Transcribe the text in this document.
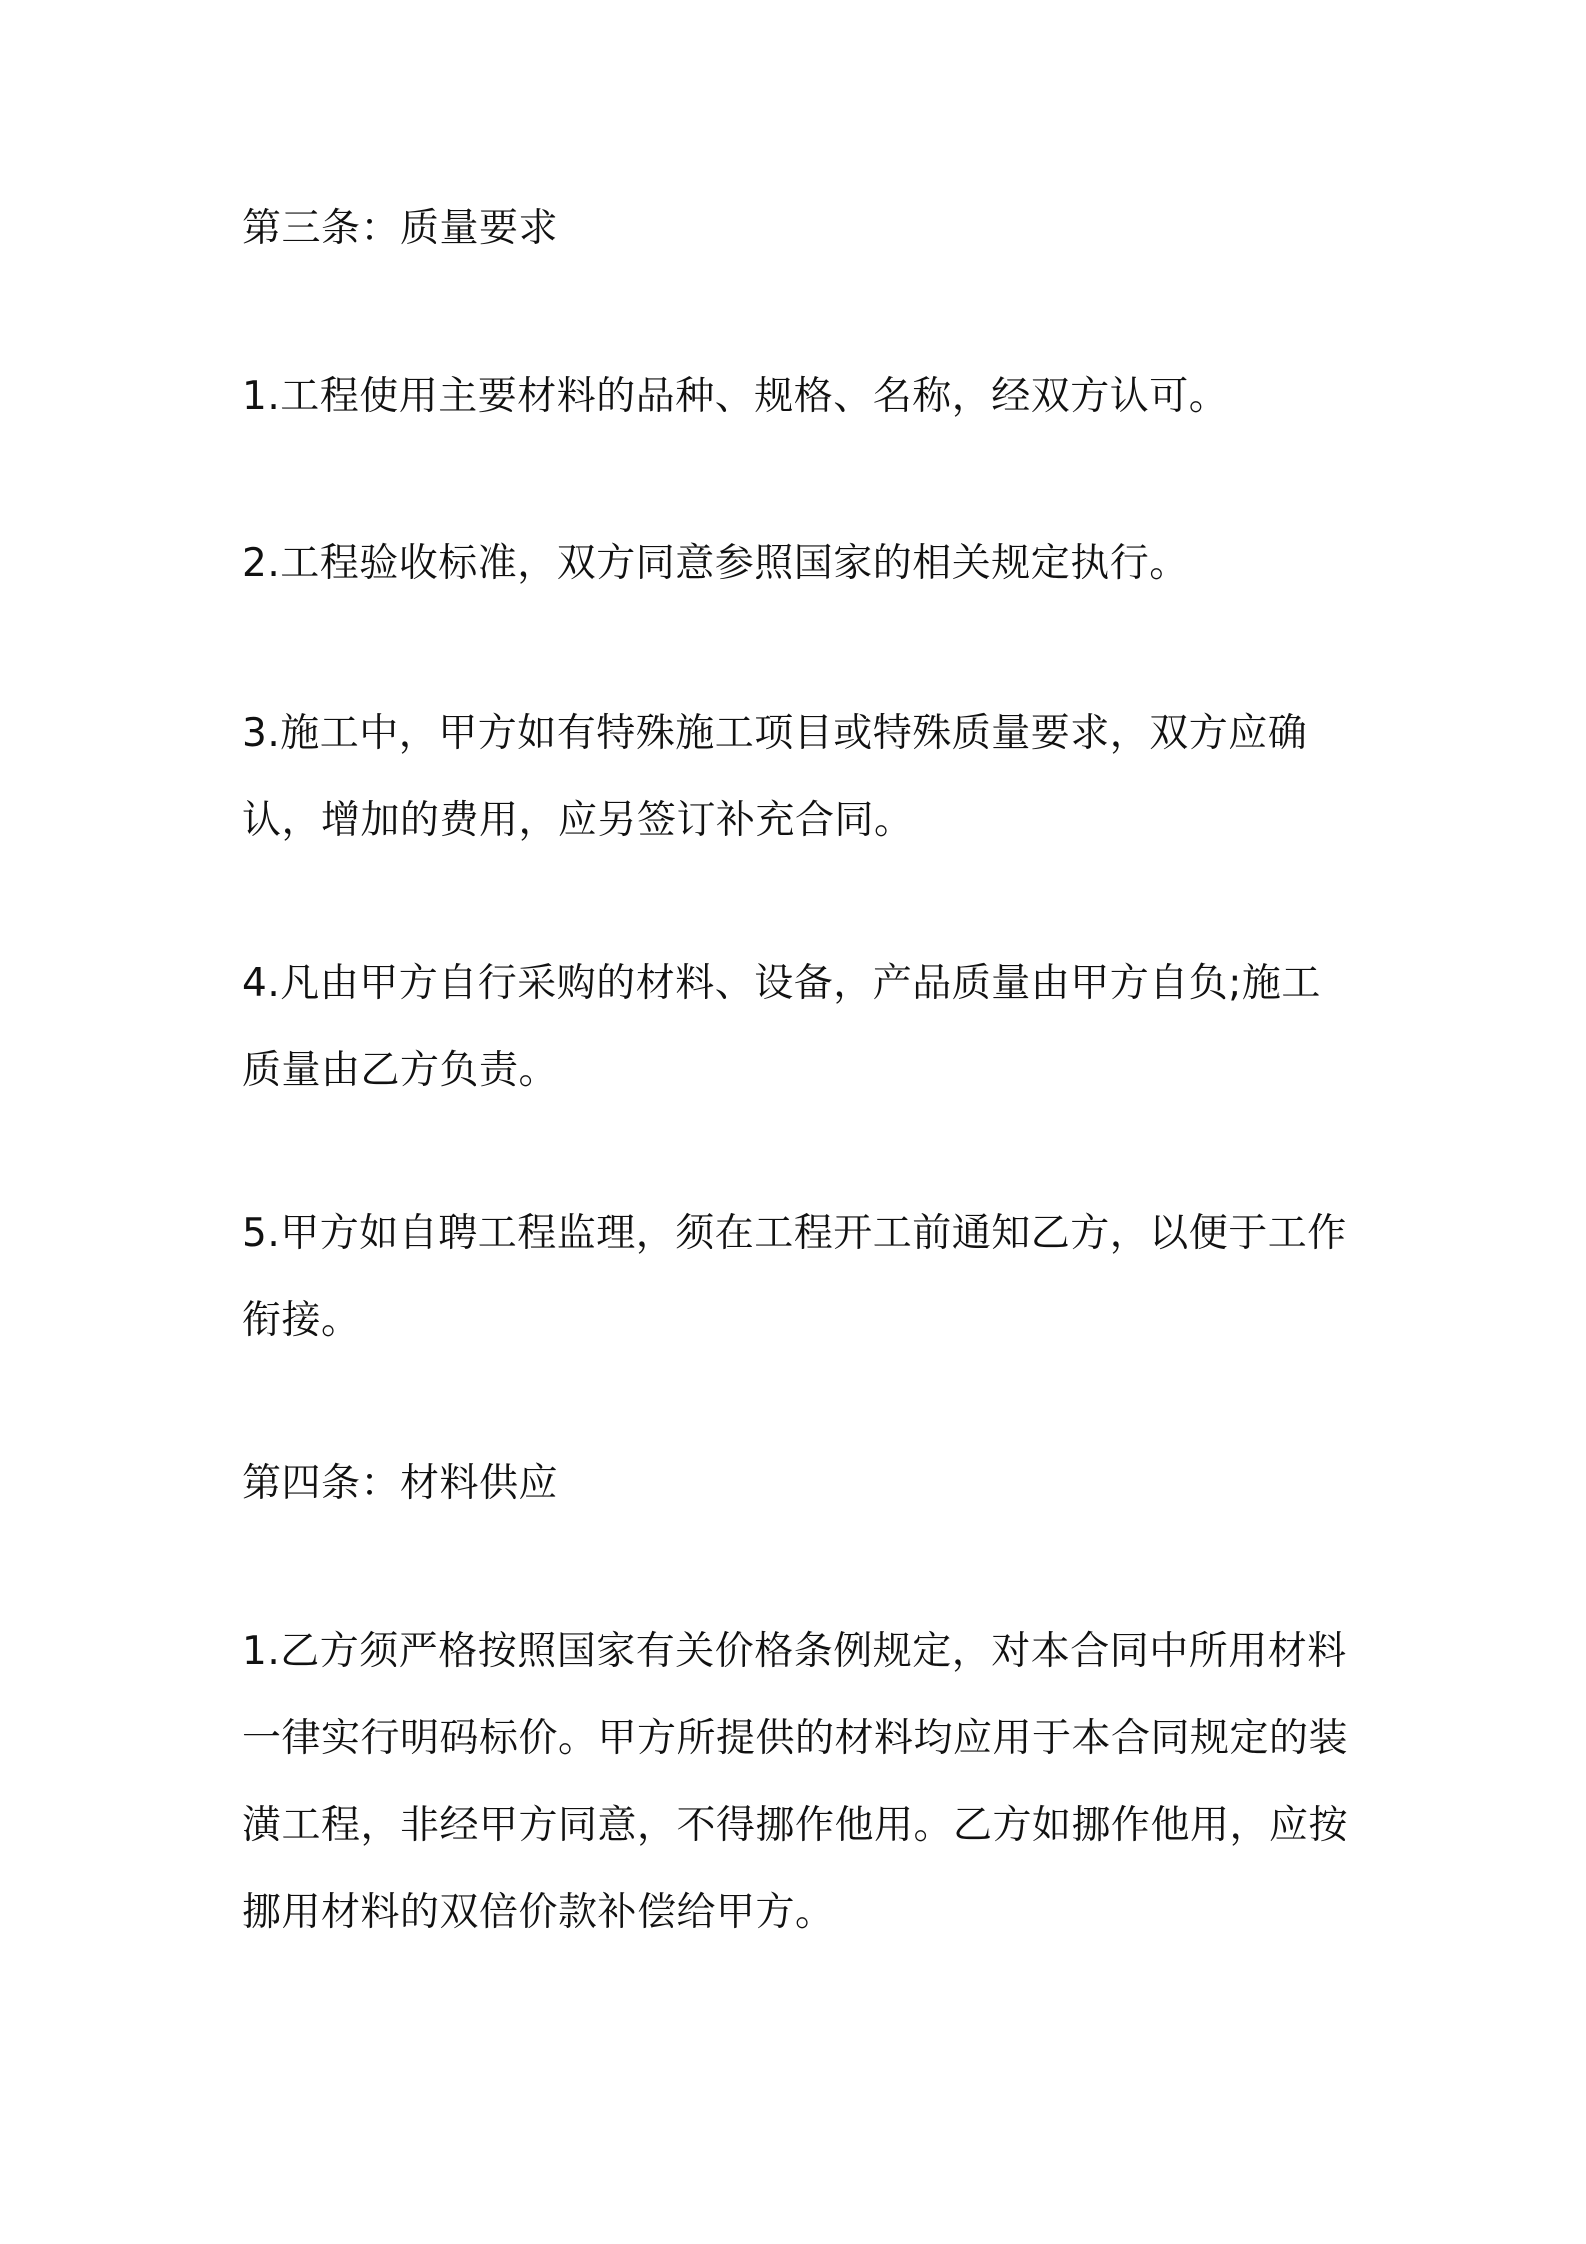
第三条：质量要求

1.工程使用主要材料的品种、规格、名称，经双方认可。

2.工程验收标准，双方同意参照国家的相关规定执行。

3.施工中，甲方如有特殊施工项目或特殊质量要求，双方应确认，增加的费用，应另签订补充合同。

4.凡由甲方自行采购的材料、设备，产品质量由甲方自负;施工质量由乙方负责。

5.甲方如自聘工程监理，须在工程开工前通知乙方，以便于工作衔接。

第四条：材料供应

1.乙方须严格按照国家有关价格条例规定，对本合同中所用材料一律实行明码标价。甲方所提供的材料均应用于本合同规定的装潢工程，非经甲方同意，不得挪作他用。乙方如挪作他用，应按挪用材料的双倍价款补偿给甲方。
